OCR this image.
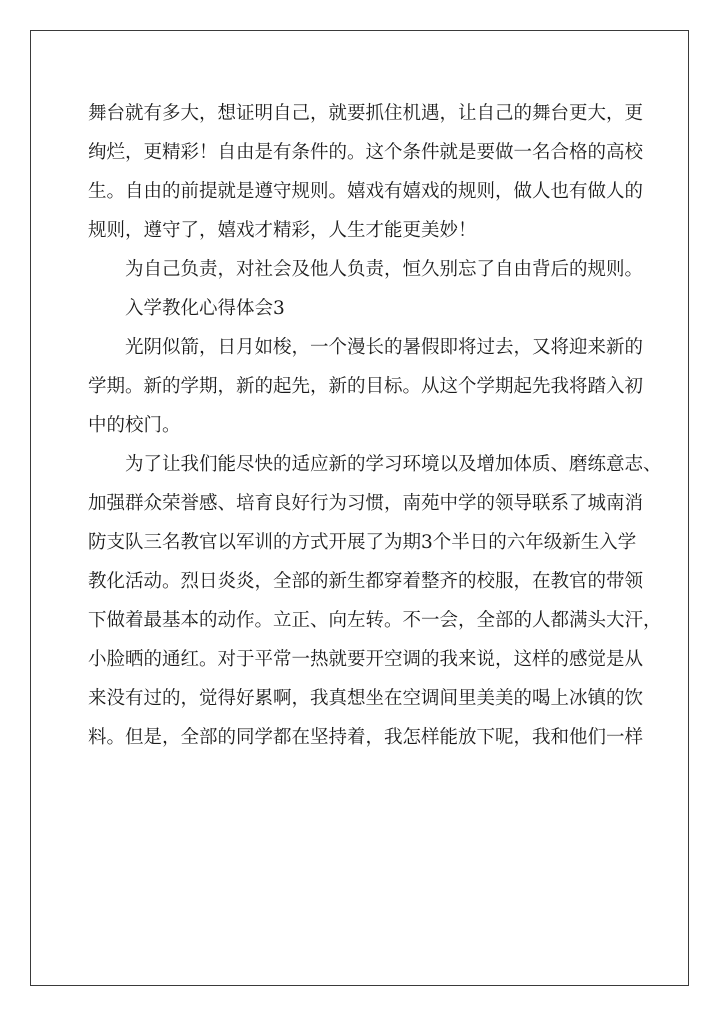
舞台就有多大，想证明自己，就要抓住机遇，让自己的舞台更大，更
绚烂，更精彩！自由是有条件的。这个条件就是要做一名合格的高校
生。自由的前提就是遵守规则。嬉戏有嬉戏的规则，做人也有做人的
规则，遵守了，嬉戏才精彩，人生才能更美妙！
为自己负责，对社会及他人负责，恒久别忘了自由背后的规则。
入学教化心得体会3
光阴似箭，日月如梭，一个漫长的暑假即将过去，又将迎来新的
学期。新的学期，新的起先，新的目标。从这个学期起先我将踏入初
中的校门。
为了让我们能尽快的适应新的学习环境以及增加体质、磨练意志、
加强群众荣誉感、培育良好行为习惯，南苑中学的领导联系了城南消
防支队三名教官以军训的方式开展了为期3个半日的六年级新生入学
教化活动。烈日炎炎，全部的新生都穿着整齐的校服，在教官的带领
下做着最基本的动作。立正、向左转。不一会，全部的人都满头大汗，
小脸晒的通红。对于平常一热就要开空调的我来说，这样的感觉是从
来没有过的，觉得好累啊，我真想坐在空调间里美美的喝上冰镇的饮
料。但是，全部的同学都在坚持着，我怎样能放下呢，我和他们一样
